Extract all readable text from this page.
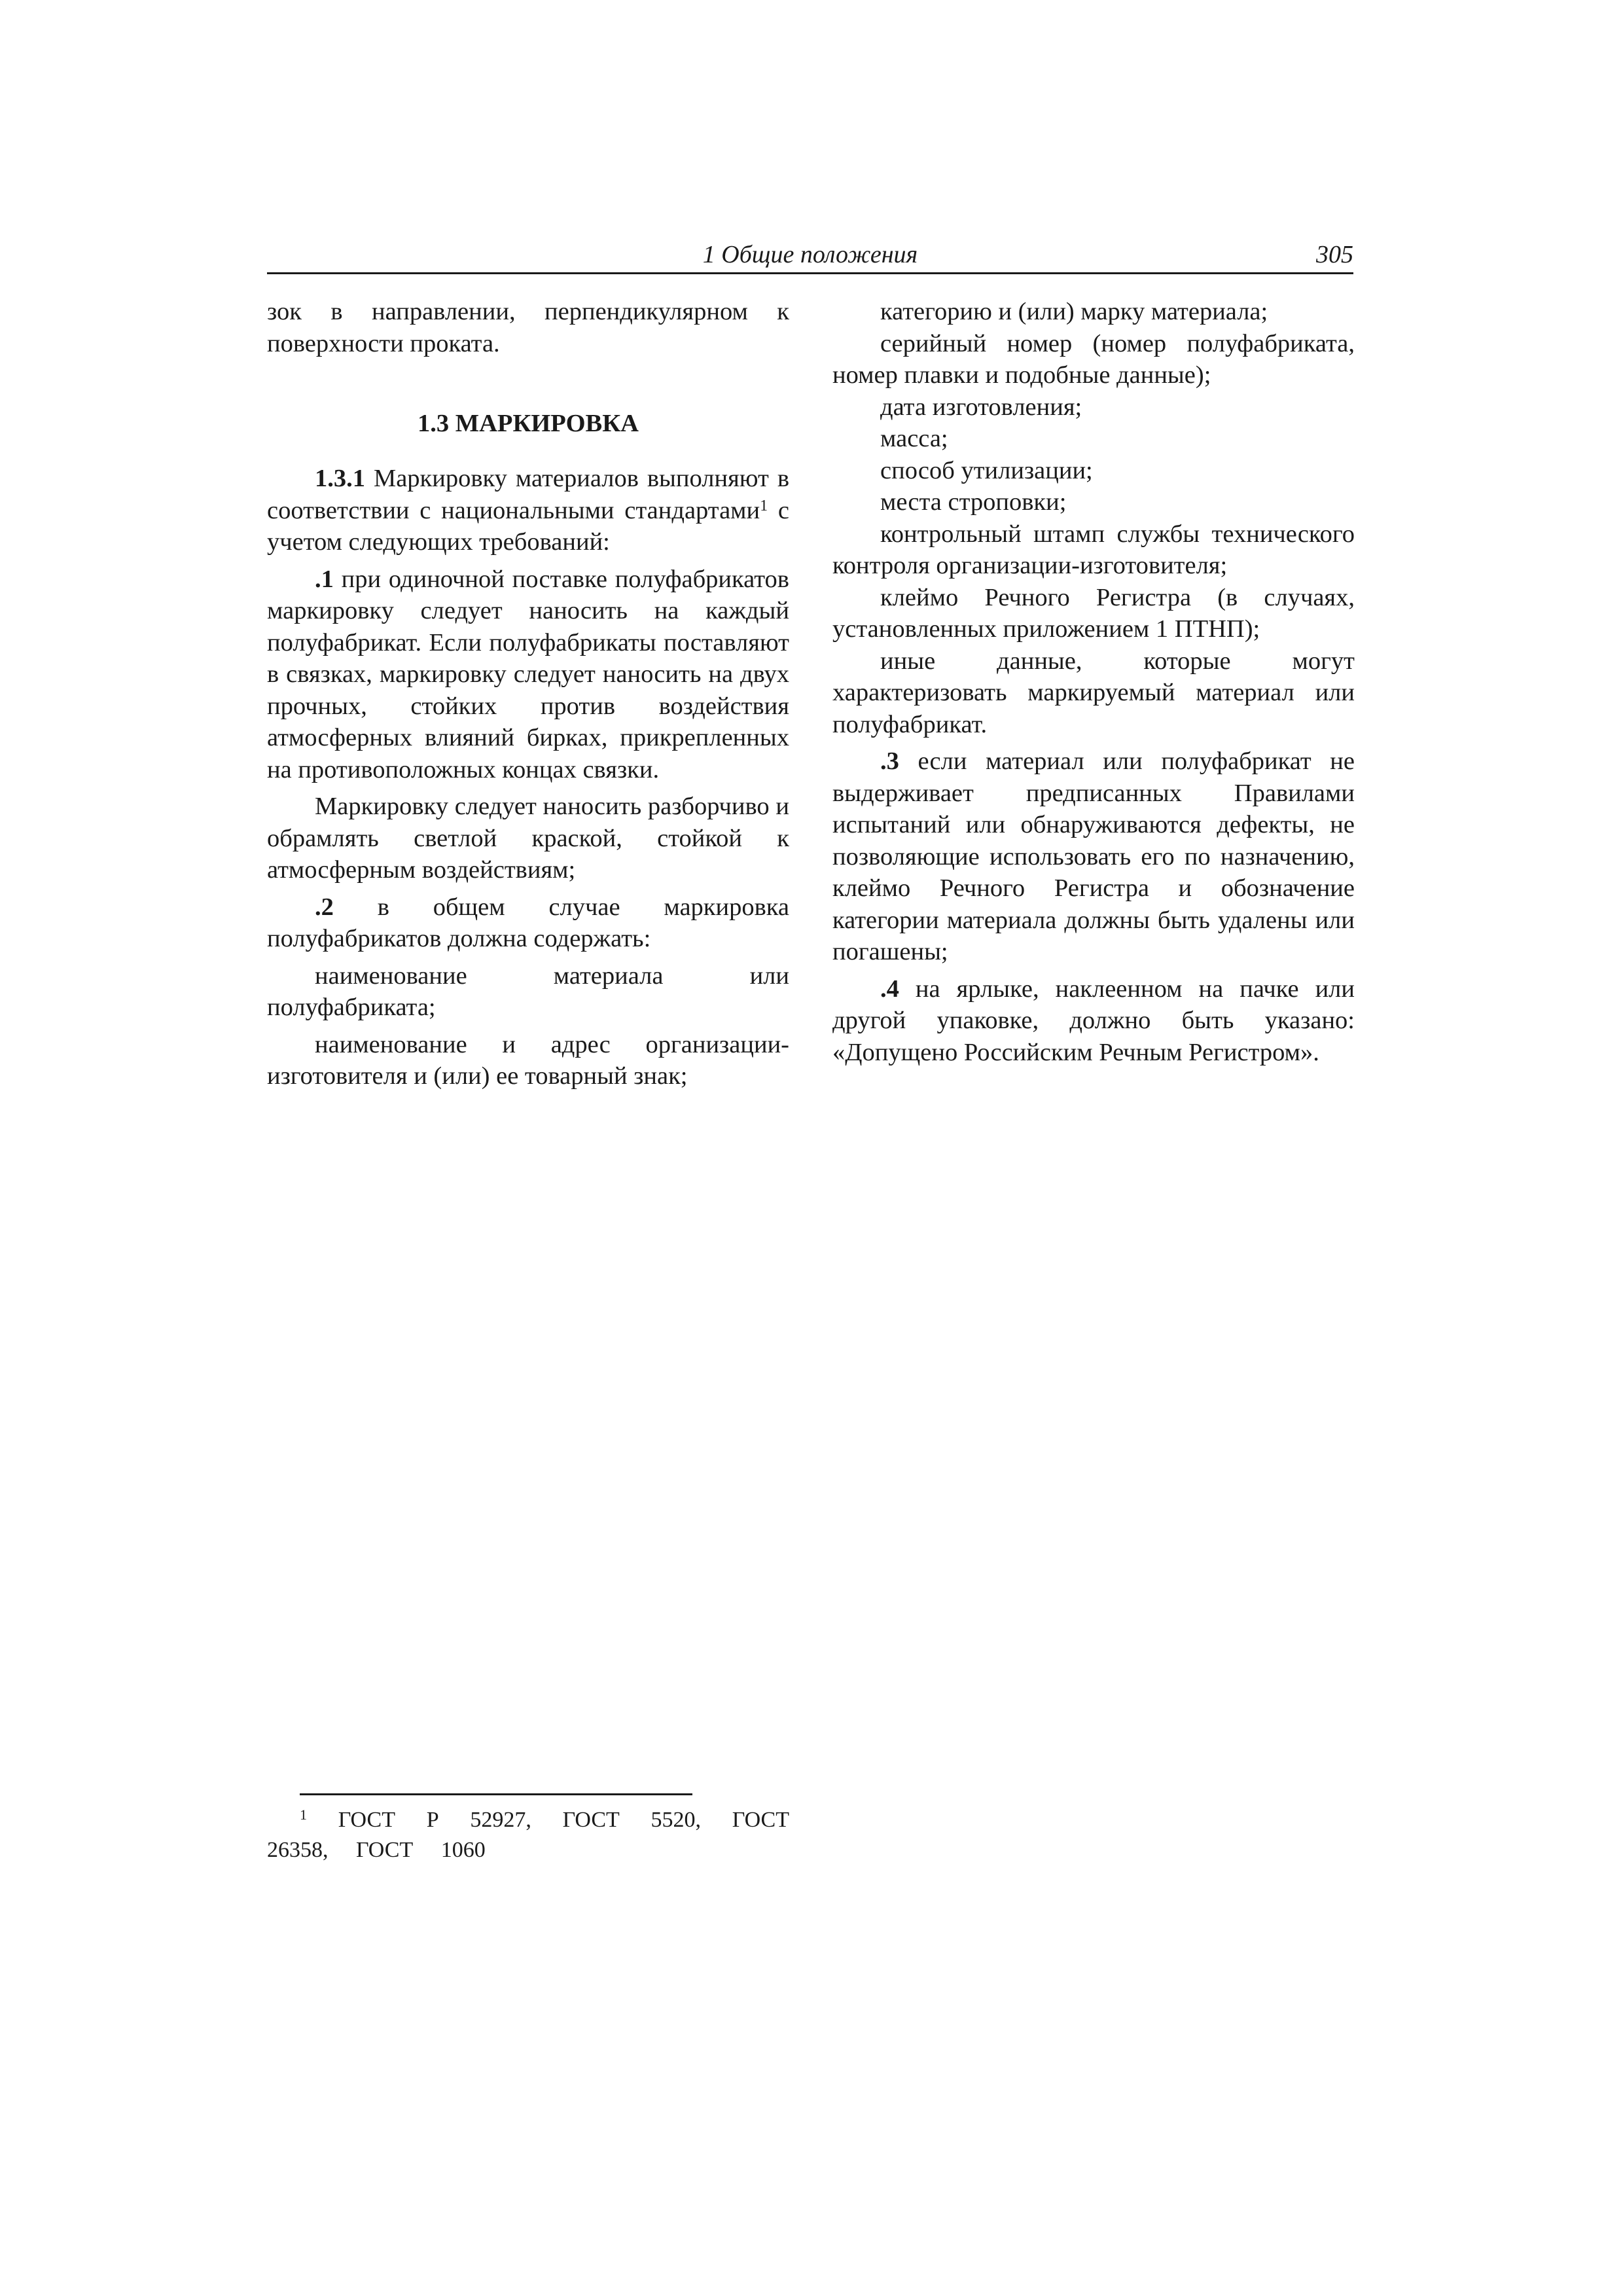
1 Общие положения	305

зок в направлении, перпендикулярном к поверхности проката.

1.3 МАРКИРОВКА

1.3.1 Маркировку материалов выполняют в соответствии с национальными стандартами$^1$ с учетом следующих требований:

.1 при одиночной поставке полуфабрикатов маркировку следует наносить на каждый полуфабрикат. Если полуфабрикаты поставляют в связках, маркировку следует наносить на двух прочных, стойких против воздействия атмосферных влияний бирках, прикрепленных на противоположных концах связки.

Маркировку следует наносить разборчиво и обрамлять светлой краской, стойкой к атмосферным воздействиям;

.2 в общем случае маркировка полуфабрикатов должна содержать:

наименование материала или полуфабриката;

наименование и адрес организации-изготовителя и (или) ее товарный знак;

категорию и (или) марку материала;

серийный номер (номер полуфабриката, номер плавки и подобные данные);

дата изготовления;

масса;

способ утилизации;

места строповки;

контрольный штамп службы технического контроля организации-изготовителя;

клеймо Речного Регистра (в случаях, установленных приложением 1 ПТНП);

иные данные, которые могут характеризовать маркируемый материал или полуфабрикат.

.3 если материал или полуфабрикат не выдерживает предписанных Правилами испытаний или обнаруживаются дефекты, не позволяющие использовать его по назначению, клеймо Речного Регистра и обозначение категории материала должны быть удалены или погашены;

.4 на ярлыке, наклеенном на пачке или другой упаковке, должно быть указано: «Допущено Российским Речным Регистром».

$^1$ ГОСТ Р 52927, ГОСТ 5520, ГОСТ 26358, ГОСТ 1060
